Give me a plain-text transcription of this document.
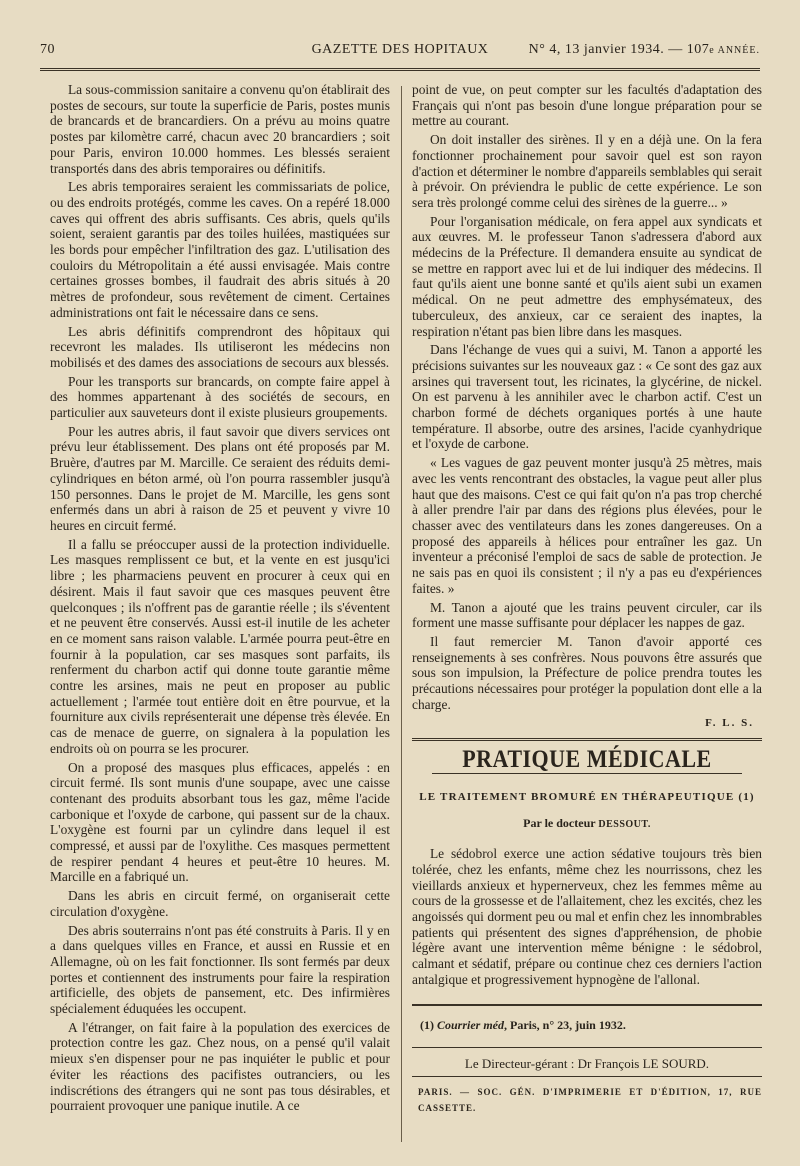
70	GAZETTE DES HOPITAUX	N° 4, 13 janvier 1934. — 107e ANNÉE.

La sous-commission sanitaire a convenu qu'on établirait des postes de secours, sur toute la superficie de Paris, postes munis de brancards et de brancardiers. On a prévu au moins quatre postes par kilomètre carré, chacun avec 20 brancardiers ; soit pour Paris, environ 10.000 hommes. Les blessés seraient transportés dans des abris temporaires ou définitifs.

Les abris temporaires seraient les commissariats de police, ou des endroits protégés, comme les caves. On a repéré 18.000 caves qui offrent des abris suffisants. Ces abris, quels qu'ils soient, seraient garantis par des toiles huilées, mastiquées sur les bords pour empêcher l'infiltration des gaz. L'utilisation des couloirs du Métropolitain a été aussi envisagée. Mais contre certaines grosses bombes, il faudrait des abris situés à 20 mètres de profondeur, sous revêtement de ciment. Certaines administrations ont fait le nécessaire dans ce sens.

Les abris définitifs comprendront des hôpitaux qui recevront les malades. Ils utiliseront les médecins non mobilisés et des dames des associations de secours aux blessés.

Pour les transports sur brancards, on compte faire appel à des hommes appartenant à des sociétés de secours, en particulier aux sauveteurs dont il existe plusieurs groupements.

Pour les autres abris, il faut savoir que divers services ont prévu leur établissement. Des plans ont été proposés par M. Bruère, d'autres par M. Marcille. Ce seraient des réduits demi-cylindriques en béton armé, où l'on pourra rassembler jusqu'à 150 personnes. Dans le projet de M. Marcille, les gens sont enfermés dans un abri à raison de 25 et peuvent y vivre 10 heures en circuit fermé.

Il a fallu se préoccuper aussi de la protection individuelle. Les masques remplissent ce but, et la vente en est jusqu'ici libre ; les pharmaciens peuvent en procurer à ceux qui en désirent. Mais il faut savoir que ces masques peuvent être quelconques ; ils n'offrent pas de garantie réelle ; ils s'éventent et ne peuvent être conservés. Aussi est-il inutile de les acheter en ce moment sans raison valable. L'armée pourra peut-être en fournir à la population, car ses masques sont parfaits, ils renferment du charbon actif qui donne toute garantie même contre les arsines, mais ne peut en proposer au public actuellement ; l'armée tout entière doit en être pourvue, et la fourniture aux civils représenterait une dépense très élevée. En cas de menace de guerre, on signalera à la population les endroits où on pourra se les procurer.

On a proposé des masques plus efficaces, appelés : en circuit fermé. Ils sont munis d'une soupape, avec une caisse contenant des produits absorbant tous les gaz, même l'acide carbonique et l'oxyde de carbone, qui passent sur de la chaux. L'oxygène est fourni par un cylindre dans lequel il est compressé, et aussi par de l'oxylithe. Ces masques permettent de respirer pendant 4 heures et peut-être 10 heures. M. Marcille en a fabriqué un.

Dans les abris en circuit fermé, on organiserait cette circulation d'oxygène.

Des abris souterrains n'ont pas été construits à Paris. Il y en a dans quelques villes en France, et aussi en Russie et en Allemagne, où on les fait fonctionner. Ils sont fermés par deux portes et contiennent des instruments pour faire la respiration artificielle, des objets de pansement, etc. Des infirmières spécialement éduquées les occupent.

A l'étranger, on fait faire à la population des exercices de protection contre les gaz. Chez nous, on a pensé qu'il valait mieux s'en dispenser pour ne pas inquiéter le public et pour éviter les réactions des pacifistes outranciers, ou les indiscrétions des étrangers qui ne sont pas tous désirables, et pourraient provoquer une panique inutile. A ce

point de vue, on peut compter sur les facultés d'adaptation des Français qui n'ont pas besoin d'une longue préparation pour se mettre au courant.

On doit installer des sirènes. Il y en a déjà une. On la fera fonctionner prochainement pour savoir quel est son rayon d'action et déterminer le nombre d'appareils semblables qui serait à prévoir. On préviendra le public de cette expérience. Le son sera très prolongé comme celui des sirènes de la guerre... »

Pour l'organisation médicale, on fera appel aux syndicats et aux œuvres. M. le professeur Tanon s'adressera d'abord aux médecins de la Préfecture. Il demandera ensuite au syndicat de se mettre en rapport avec lui et de lui indiquer des médecins. Il faut qu'ils aient une bonne santé et qu'ils aient subi un examen médical. On ne peut admettre des emphysémateux, des tuberculeux, des anxieux, car ce seraient des inaptes, la respiration n'étant pas bien libre dans les masques.

Dans l'échange de vues qui a suivi, M. Tanon a apporté les précisions suivantes sur les nouveaux gaz : « Ce sont des gaz aux arsines qui traversent tout, les ricinates, la glycérine, de nickel. On est parvenu à les annihiler avec le charbon actif. C'est un charbon formé de déchets organiques portés à une haute température. Il absorbe, outre des arsines, l'acide cyanhydrique et l'oxyde de carbone.

« Les vagues de gaz peuvent monter jusqu'à 25 mètres, mais avec les vents rencontrant des obstacles, la vague peut aller plus haut que des maisons. C'est ce qui fait qu'on n'a pas trop cherché à aller prendre l'air par dans des régions plus élevées, pour le chasser avec des ventilateurs dans les zones dangereuses. On a proposé des appareils à hélices pour entraîner les gaz. Un inventeur a préconisé l'emploi de sacs de sable de protection. Je ne sais pas en quoi ils consistent ; il n'y a pas eu d'expériences faites. »

M. Tanon a ajouté que les trains peuvent circuler, car ils forment une masse suffisante pour déplacer les nappes de gaz.

Il faut remercier M. Tanon d'avoir apporté ces renseignements à ses confrères. Nous pouvons être assurés que sous son impulsion, la Préfecture de police prendra toutes les précautions nécessaires pour protéger la population dont elle a la charge.

F. L. S.
PRATIQUE MÉDICALE
LE TRAITEMENT BROMURÉ EN THÉRAPEUTIQUE (1)
Par le docteur DESSOUT.

Le sédobrol exerce une action sédative toujours très bien tolérée, chez les enfants, même chez les nourrissons, chez les vieillards anxieux et hypernerveux, chez les femmes même au cours de la grossesse et de l'allaitement, chez les excités, chez les angoissés qui dorment peu ou mal et enfin chez les innombrables patients qui présentent des signes d'appréhension, de phobie légère avant une intervention même bénigne : le sédobrol, calmant et sédatif, prépare ou continue chez ces derniers l'action antalgique et progressivement hypnogène de l'allonal.

(1) Courrier méd, Paris, n° 23, juin 1932.
Le Directeur-gérant : Dr François LE SOURD.
PARIS. — SOC. GÉN. D'IMPRIMERIE ET D'ÉDITION, 17, RUE CASSETTE.
